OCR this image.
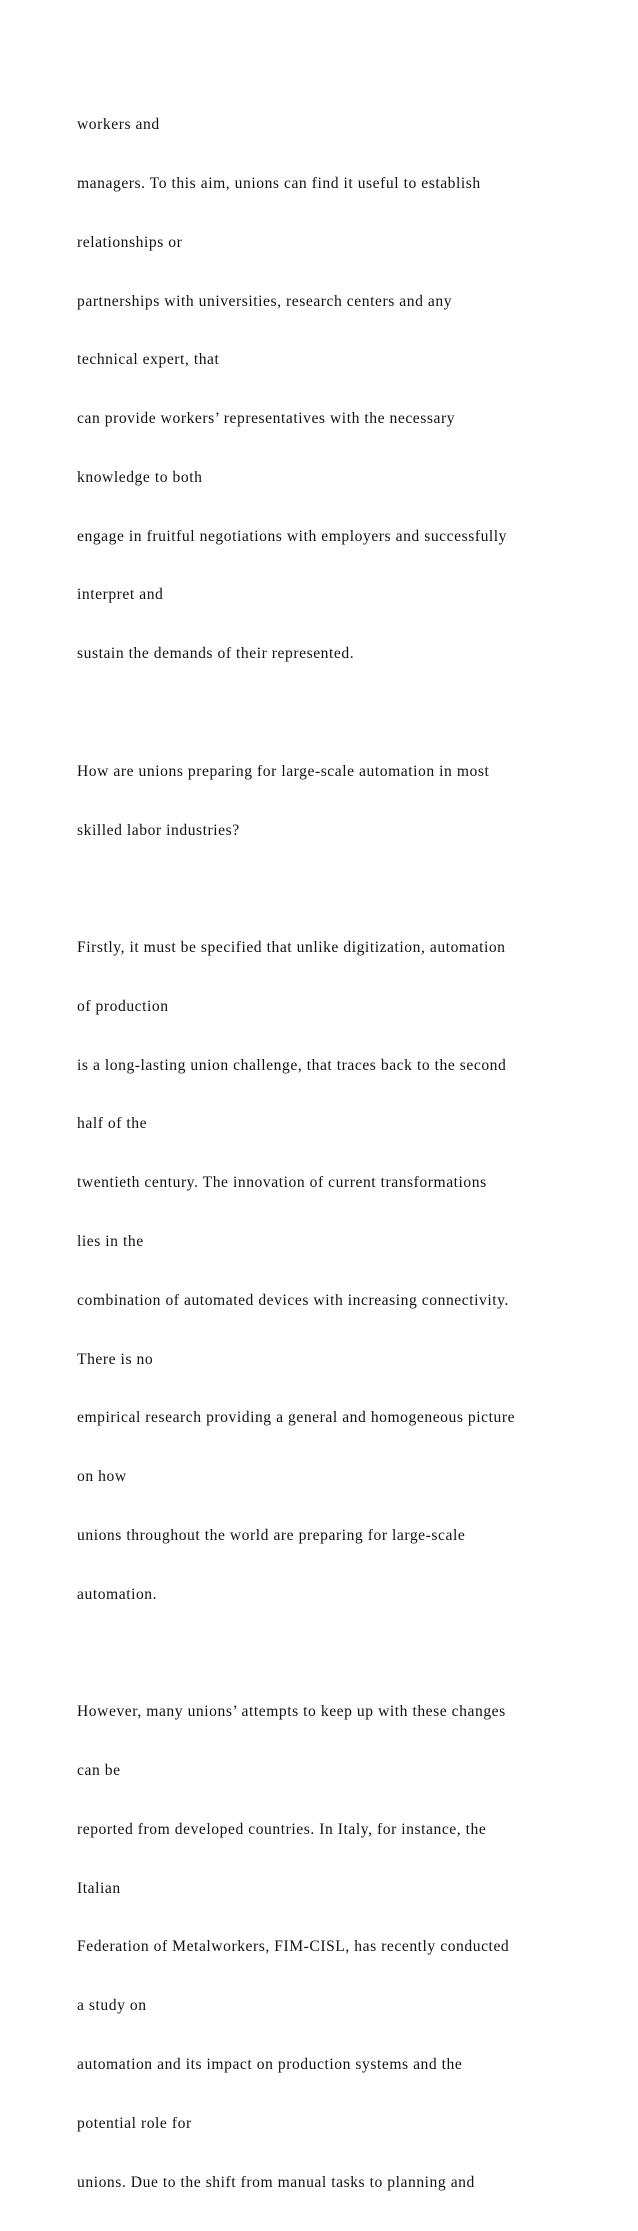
workers and

managers. To this aim, unions can find it useful to establish

relationships or

partnerships with universities, research centers and any

technical expert, that

can provide workers’ representatives with the necessary

knowledge to both

engage in fruitful negotiations with employers and successfully

interpret and

sustain the demands of their represented.

How are unions preparing for large-scale automation in most

skilled labor industries?

Firstly, it must be specified that unlike digitization, automation

of production

is a long-lasting union challenge, that traces back to the second

half of the

twentieth century. The innovation of current transformations

lies in the

combination of automated devices with increasing connectivity.

There is no

empirical research providing a general and homogeneous picture

on how

unions throughout the world are preparing for large-scale

automation.

However, many unions’ attempts to keep up with these changes

can be

reported from developed countries. In Italy, for instance, the

Italian

Federation of Metalworkers, FIM-CISL, has recently conducted

a study on

automation and its impact on production systems and the

potential role for

unions. Due to the shift from manual tasks to planning and
